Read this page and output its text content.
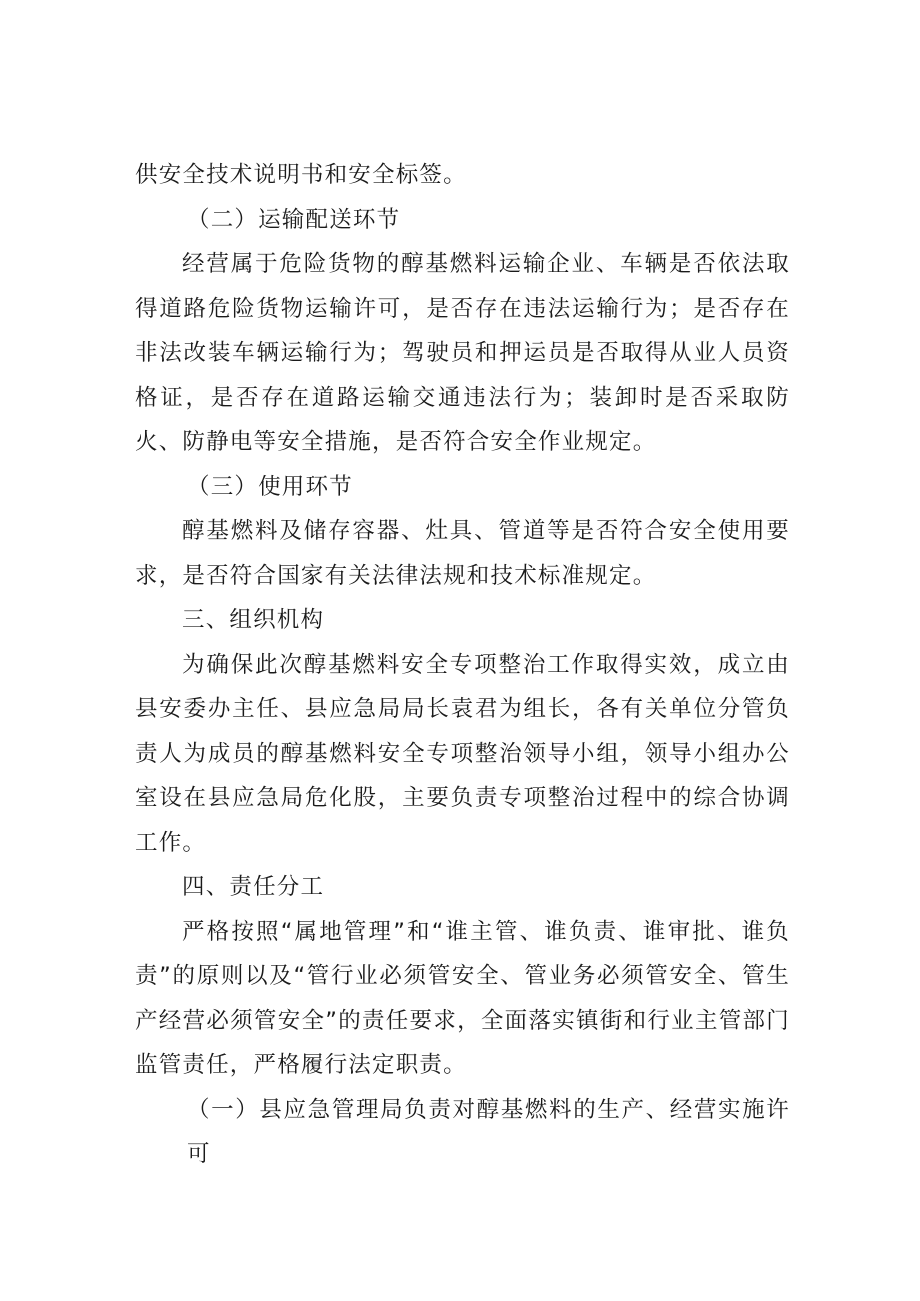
供安全技术说明书和安全标签。

（二）运输配送环节

经营属于危险货物的醇基燃料运输企业、车辆是否依法取得道路危险货物运输许可，是否存在违法运输行为；是否存在非法改装车辆运输行为；驾驶员和押运员是否取得从业人员资格证，是否存在道路运输交通违法行为；装卸时是否采取防火、防静电等安全措施，是否符合安全作业规定。

（三）使用环节

醇基燃料及储存容器、灶具、管道等是否符合安全使用要求，是否符合国家有关法律法规和技术标准规定。

三、组织机构

为确保此次醇基燃料安全专项整治工作取得实效，成立由县安委办主任、县应急局局长袁君为组长，各有关单位分管负责人为成员的醇基燃料安全专项整治领导小组，领导小组办公室设在县应急局危化股，主要负责专项整治过程中的综合协调工作。

四、责任分工

严格按照“属地管理”和“谁主管、谁负责、谁审批、谁负责”的原则以及“管行业必须管安全、管业务必须管安全、管生产经营必须管安全”的责任要求，全面落实镇街和行业主管部门监管责任，严格履行法定职责。

（一）县应急管理局负责对醇基燃料的生产、经营实施许可
